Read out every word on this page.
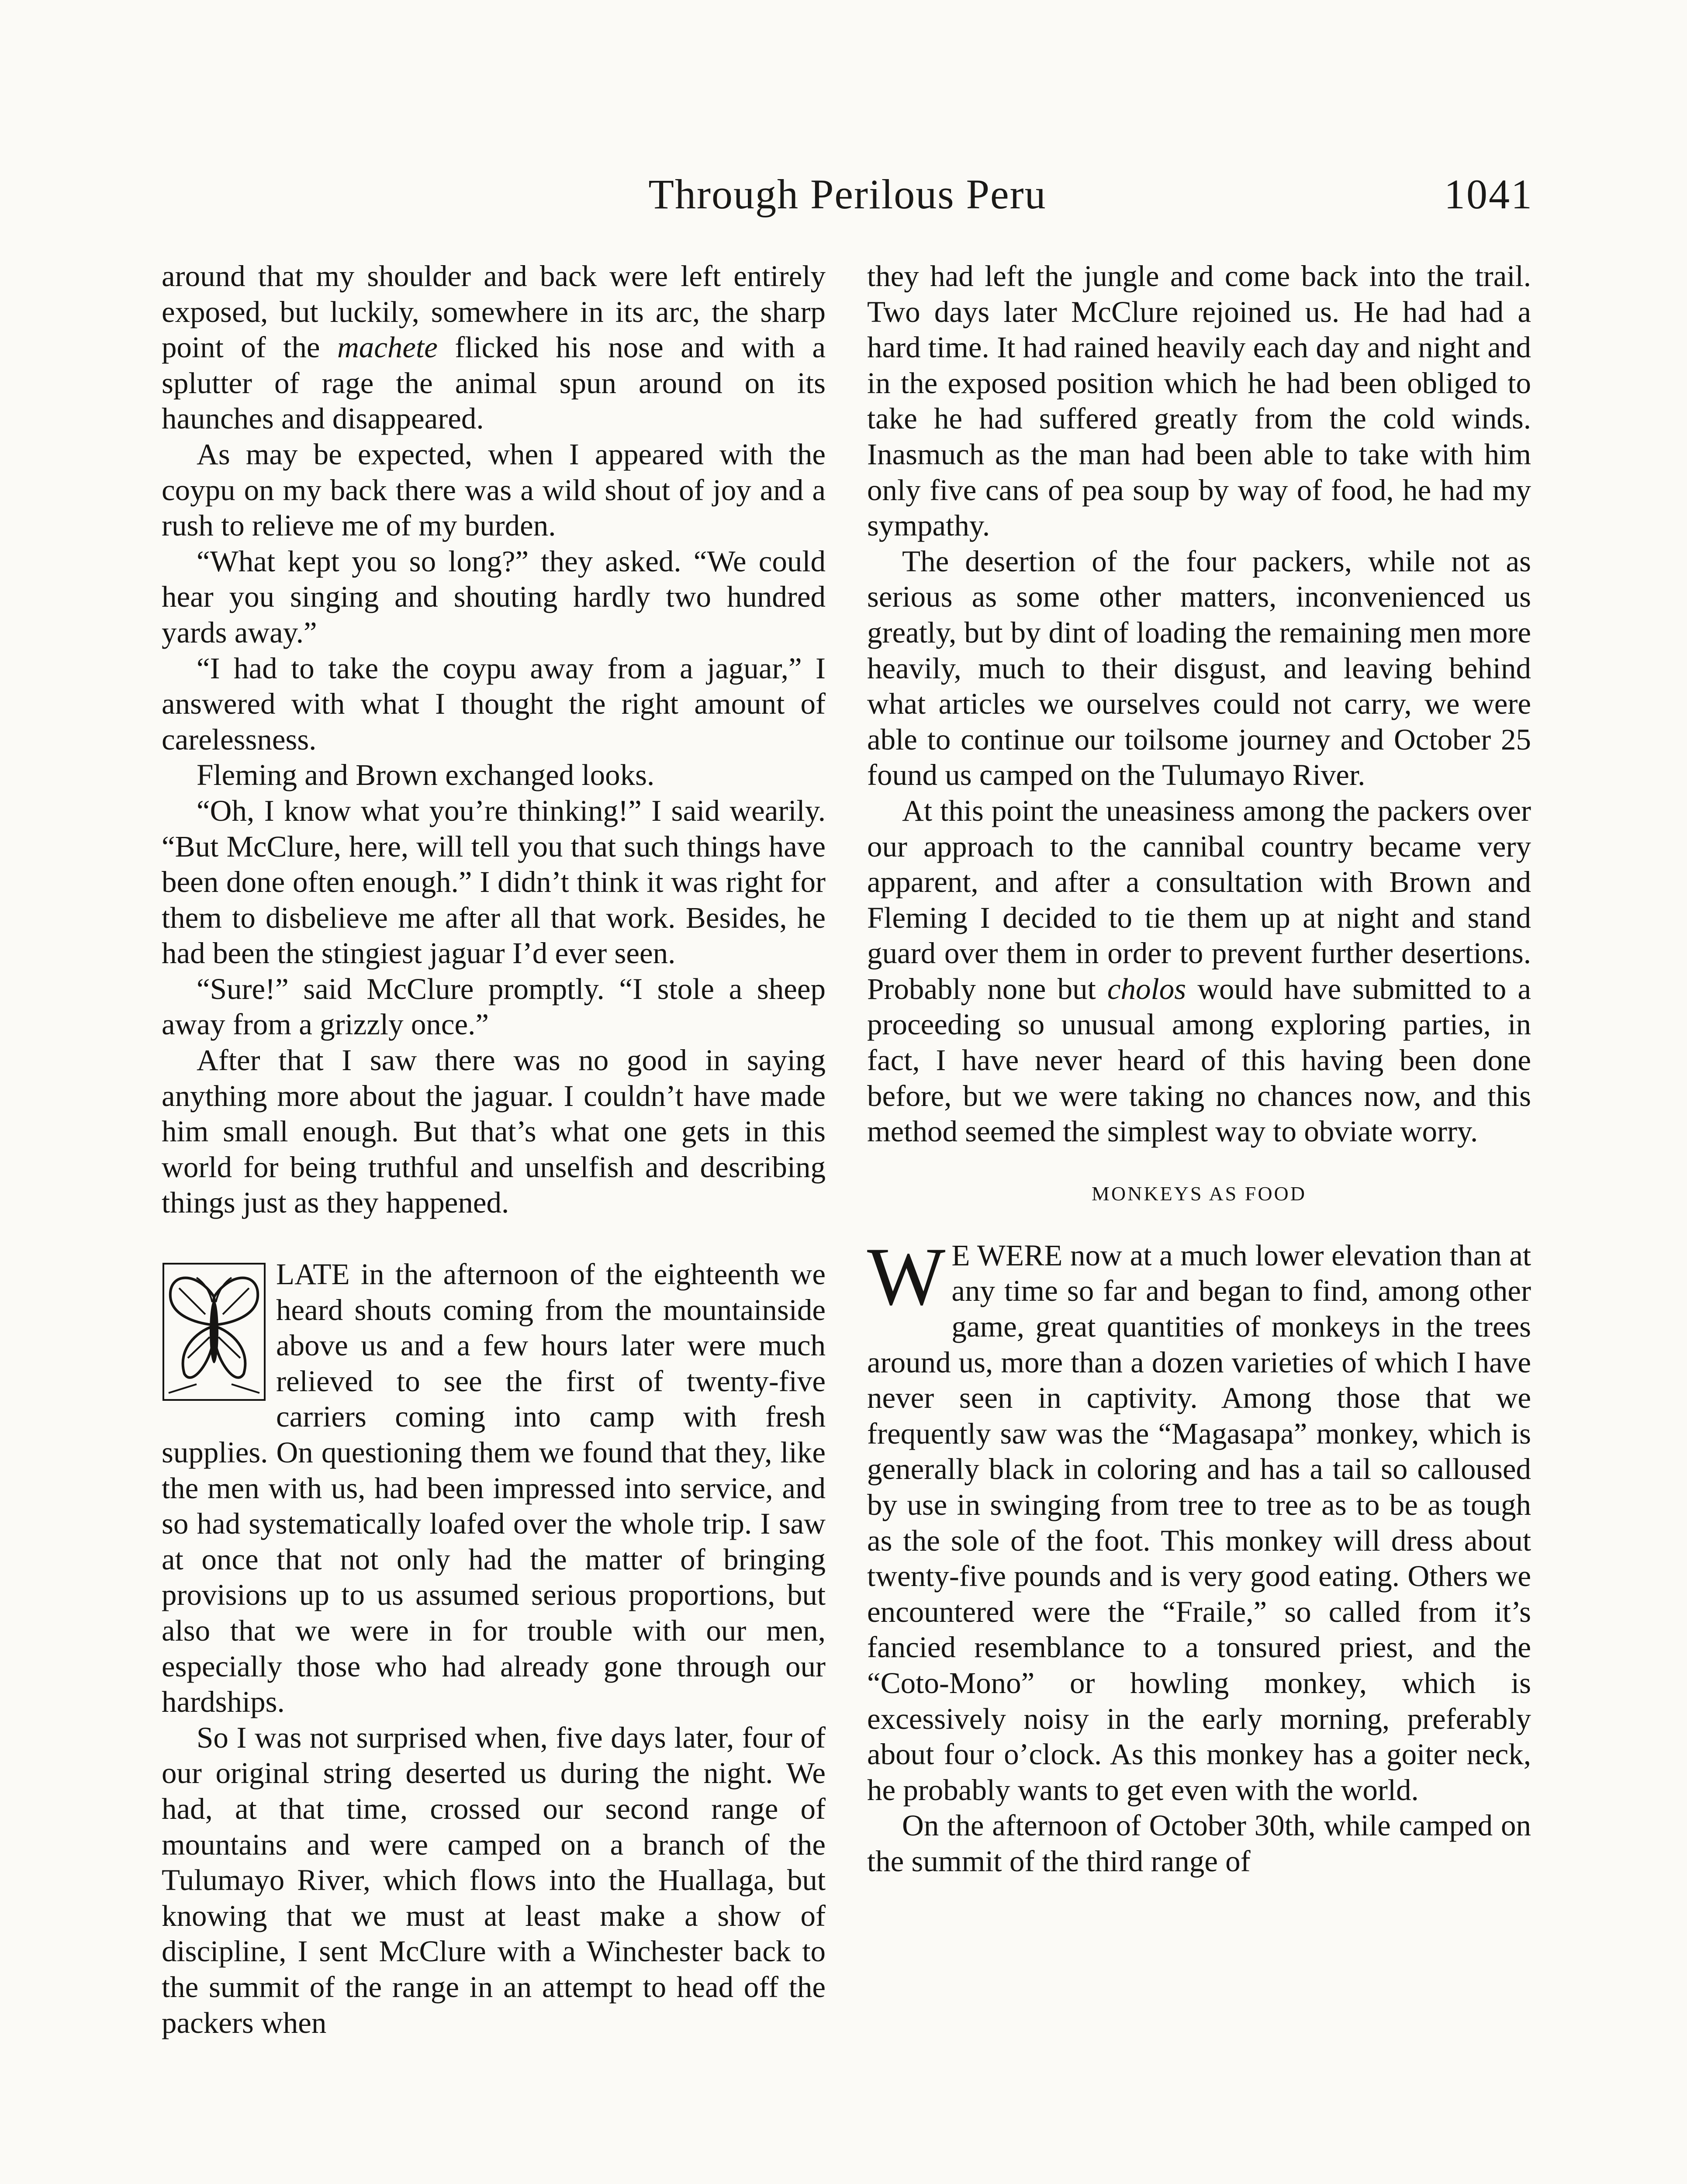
Through Perilous Peru	1041

around that my shoulder and back were left entirely exposed, but luckily, somewhere in its arc, the sharp point of the machete flicked his nose and with a splutter of rage the animal spun around on its haunches and disappeared.

As may be expected, when I appeared with the coypu on my back there was a wild shout of joy and a rush to relieve me of my burden.

“What kept you so long?” they asked. “We could hear you singing and shouting hardly two hundred yards away.”

“I had to take the coypu away from a jaguar,” I answered with what I thought the right amount of carelessness.

Fleming and Brown exchanged looks.

“Oh, I know what you’re thinking!” I said wearily. “But McClure, here, will tell you that such things have been done often enough.” I didn’t think it was right for them to disbelieve me after all that work. Besides, he had been the stingiest jaguar I’d ever seen.

“Sure!” said McClure promptly. “I stole a sheep away from a grizzly once.”

After that I saw there was no good in saying anything more about the jaguar. I couldn’t have made him small enough. But that’s what one gets in this world for being truthful and unselfish and describing things just as they happened.

LATE in the afternoon of the eighteenth we heard shouts coming from the mountainside above us and a few hours later were much relieved to see the first of twenty-five carriers coming into camp with fresh supplies. On questioning them we found that they, like the men with us, had been impressed into service, and so had systematically loafed over the whole trip. I saw at once that not only had the matter of bringing provisions up to us assumed serious proportions, but also that we were in for trouble with our men, especially those who had already gone through our hardships.

So I was not surprised when, five days later, four of our original string deserted us during the night. We had, at that time, crossed our second range of mountains and were camped on a branch of the Tulumayo River, which flows into the Huallaga, but knowing that we must at least make a show of discipline, I sent McClure with a Winchester back to the summit of the range in an attempt to head off the packers when

they had left the jungle and come back into the trail. Two days later McClure rejoined us. He had had a hard time. It had rained heavily each day and night and in the exposed position which he had been obliged to take he had suffered greatly from the cold winds. Inasmuch as the man had been able to take with him only five cans of pea soup by way of food, he had my sympathy.

The desertion of the four packers, while not as serious as some other matters, inconvenienced us greatly, but by dint of loading the remaining men more heavily, much to their disgust, and leaving behind what articles we ourselves could not carry, we were able to continue our toilsome journey and October 25 found us camped on the Tulumayo River.

At this point the uneasiness among the packers over our approach to the cannibal country became very apparent, and after a consultation with Brown and Fleming I decided to tie them up at night and stand guard over them in order to prevent further desertions. Probably none but cholos would have submitted to a proceeding so unusual among exploring parties, in fact, I have never heard of this having been done before, but we were taking no chances now, and this method seemed the simplest way to obviate worry.

MONKEYS AS FOOD

W E WERE now at a much lower elevation than at any time so far and began to find, among other game, great quantities of monkeys in the trees around us, more than a dozen varieties of which I have never seen in captivity. Among those that we frequently saw was the “Magasapa” monkey, which is generally black in coloring and has a tail so calloused by use in swinging from tree to tree as to be as tough as the sole of the foot. This monkey will dress about twenty-five pounds and is very good eating. Others we encountered were the “Fraile,” so called from it’s fancied resemblance to a tonsured priest, and the “Coto-Mono” or howling monkey, which is excessively noisy in the early morning, preferably about four o’clock. As this monkey has a goiter neck, he probably wants to get even with the world.

On the afternoon of October 30th, while camped on the summit of the third range of
